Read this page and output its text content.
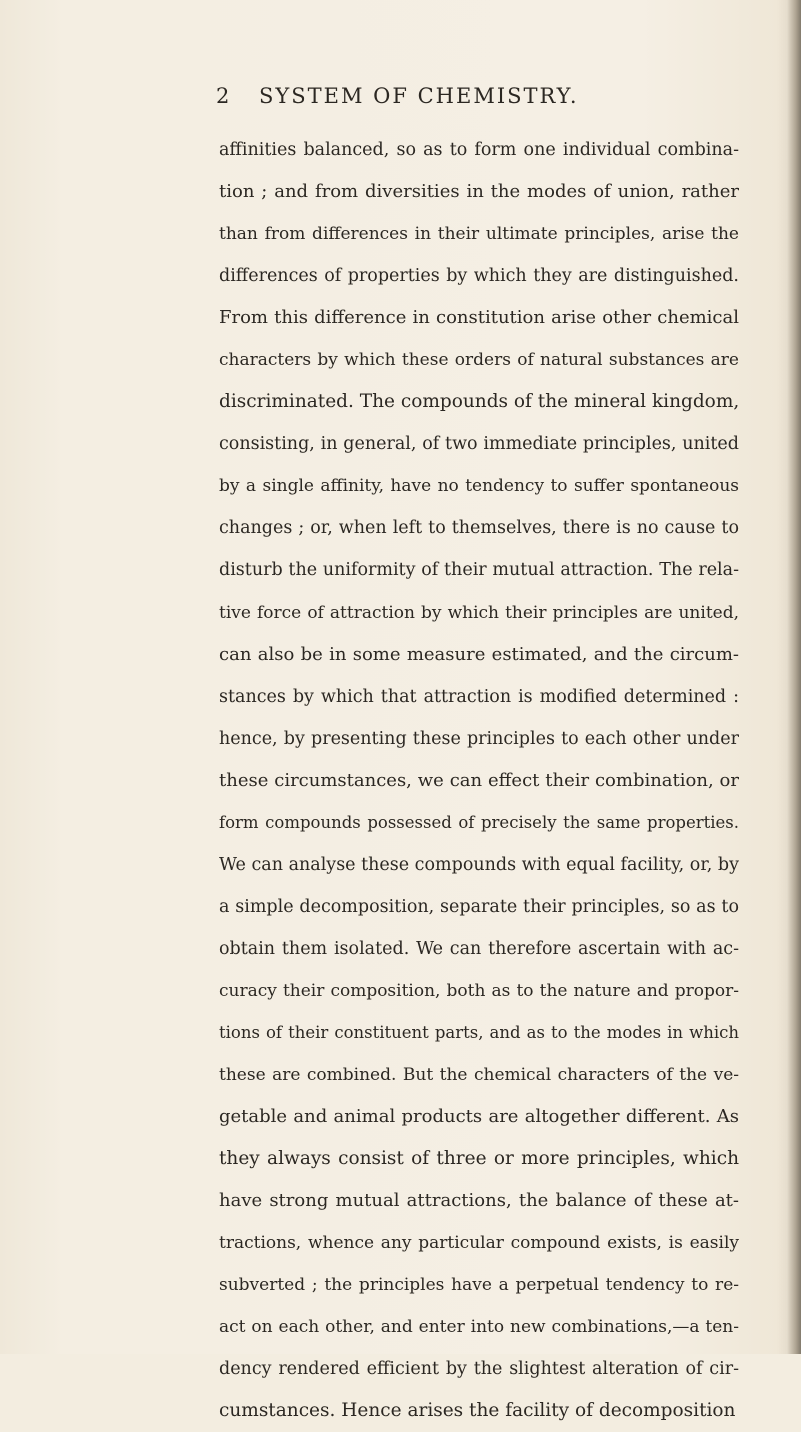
2 SYSTEM OF CHEMISTRY.
affinities balanced, so as to form one individual combina-
tion ; and from diversities in the modes of union, rather
than from differences in their ultimate principles, arise the
differences of properties by which they are distinguished.
From this difference in constitution arise other chemical
characters by which these orders of natural substances are
discriminated. The compounds of the mineral kingdom,
consisting, in general, of two immediate principles, united
by a single affinity, have no tendency to suffer spontaneous
changes ; or, when left to themselves, there is no cause to
disturb the uniformity of their mutual attraction. The rela-
tive force of attraction by which their principles are united,
can also be in some measure estimated, and the circum-
stances by which that attraction is modified determined :
hence, by presenting these principles to each other under
these circumstances, we can effect their combination, or
form compounds possessed of precisely the same properties.
We can analyse these compounds with equal facility, or, by
a simple decomposition, separate their principles, so as to
obtain them isolated. We can therefore ascertain with ac-
curacy their composition, both as to the nature and propor-
tions of their constituent parts, and as to the modes in which
these are combined. But the chemical characters of the ve-
getable and animal products are altogether different. As
they always consist of three or more principles, which
have strong mutual attractions, the balance of these at-
tractions, whence any particular compound exists, is easily
subverted ; the principles have a perpetual tendency to re-
act on each other, and enter into new combinations,—a ten-
dency rendered efficient by the slightest alteration of cir-
cumstances. Hence arises the facility of decomposition
